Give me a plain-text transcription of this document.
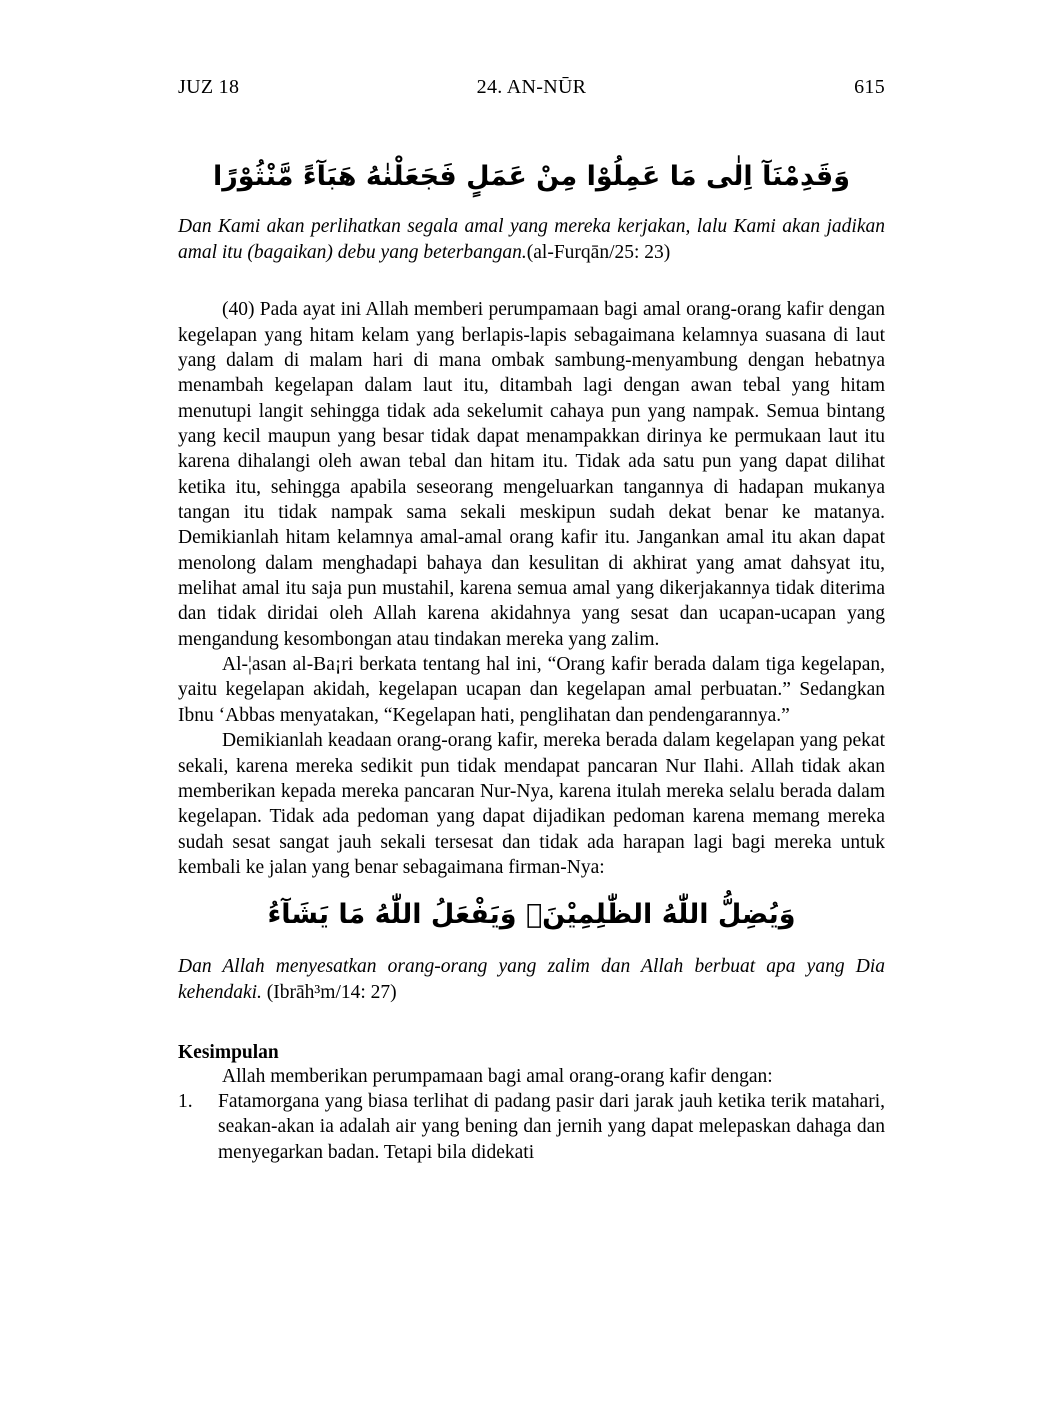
JUZ 18	24. AN-NŪR	615
وَقَدِمْنَآ اِلٰى مَا عَمِلُوْا مِنْ عَمَلٍ فَجَعَلْنٰهُ هَبَآءً مَّنْثُوْرًا

Dan Kami akan perlihatkan segala amal yang mereka kerjakan, lalu Kami akan jadikan amal itu (bagaikan) debu yang beterbangan.(al-Furqān/25: 23)

(40) Pada ayat ini Allah memberi perumpamaan bagi amal orang-orang kafir dengan kegelapan yang hitam kelam yang berlapis-lapis sebagaimana kelamnya suasana di laut yang dalam di malam hari di mana ombak sambung-menyambung dengan hebatnya menambah kegelapan dalam laut itu, ditambah lagi dengan awan tebal yang hitam menutupi langit sehingga tidak ada sekelumit cahaya pun yang nampak. Semua bintang yang kecil maupun yang besar tidak dapat menampakkan dirinya ke permukaan laut itu karena dihalangi oleh awan tebal dan hitam itu. Tidak ada satu pun yang dapat dilihat ketika itu, sehingga apabila seseorang mengeluarkan tangannya di hadapan mukanya tangan itu tidak nampak sama sekali meskipun sudah dekat benar ke matanya. Demikianlah hitam kelamnya amal-amal orang kafir itu. Jangankan amal itu akan dapat menolong dalam menghadapi bahaya dan kesulitan di akhirat yang amat dahsyat itu, melihat amal itu saja pun mustahil, karena semua amal yang dikerjakannya tidak diterima dan tidak diridai oleh Allah karena akidahnya yang sesat dan ucapan-ucapan yang mengandung kesombongan atau tindakan mereka yang zalim.

Al-¦asan al-Ba¡ri berkata tentang hal ini, “Orang kafir berada dalam tiga kegelapan, yaitu kegelapan akidah, kegelapan ucapan dan kegelapan amal perbuatan.” Sedangkan Ibnu ‘Abbas menyatakan, “Kegelapan hati, penglihatan dan pendengarannya.”

Demikianlah keadaan orang-orang kafir, mereka berada dalam kegelapan yang pekat sekali, karena mereka sedikit pun tidak mendapat pancaran Nur Ilahi. Allah tidak akan memberikan kepada mereka pancaran Nur-Nya, karena itulah mereka selalu berada dalam kegelapan. Tidak ada pedoman yang dapat dijadikan pedoman karena memang mereka sudah sesat sangat jauh sekali tersesat dan tidak ada harapan lagi bagi mereka untuk kembali ke jalan yang benar sebagaimana firman-Nya:

وَيُضِلُّ اللّٰهُ الظّٰلِمِيْنَۗ وَيَفْعَلُ اللّٰهُ مَا يَشَآءُ

Dan Allah menyesatkan orang-orang yang zalim dan Allah berbuat apa yang Dia kehendaki. (Ibrāh³m/14: 27)

Kesimpulan

Allah memberikan perumpamaan bagi amal orang-orang kafir dengan:

1.	Fatamorgana yang biasa terlihat di padang pasir dari jarak jauh ketika terik matahari, seakan-akan ia adalah air yang bening dan jernih yang dapat melepaskan dahaga dan menyegarkan badan. Tetapi bila didekati
